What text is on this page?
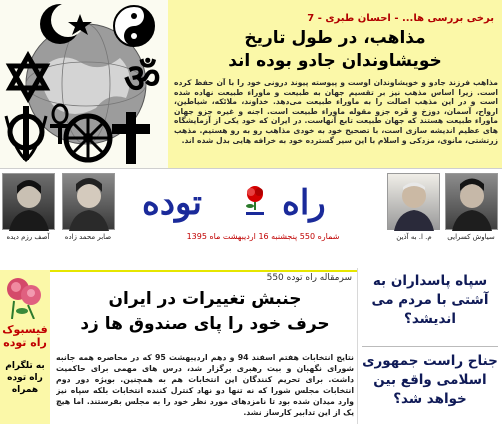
ॐ
برخی بررسی ها... - احسان طبری - 7
مذاهب، در طول تاریخ
خویشاوندان جادو بوده اند
مذاهب فرزند جادو و خویشاوندان اوست و پیوسته پیوند درونی خود را با آن حفظ کرده است. زیرا اساس مذهب نیز بر تقسیم جهان به طبیعت و ماوراء طبیعت نهاده شده است و در این مذهب اصالت را به ماوراء طبیعت می‌دهد. خداوند، ملائکه، شیاطین، ارواح، آسمان، دوزخ و فَره جزو مقوله ماوراء طبیعت است. اجنه و غیره جزو جهان ماوراء طبیعت هستند که جهان طبیعت تابع آنهاست. در ایران که خود یکی از آزمایشگاه های عظیم اندیشه سازی است، با تصحیح خود به خودی مذاهب رو به رو هستیم. مذهب زرتشتی، مانوی، مزدکی و اسلام با این سیر گسترده خود به خرافه هایی بدل شده اند.
آصف رزم دیده	صابر محمد زاده
توده راه
شماره 550 پنجشنبه 16 اردیبهشت ماه 1395	م. ا. به آذین	سیاوش کسرایی
فیسبوک راه توده
به تلگرام راه توده همراه
سرمقاله راه توده 550
جنبش تغییرات در ایران
حرف خود را پای صندوق ها زد
نتایج انتخابات هفتم اسفند 94 و دهم اردیبهشت 95 که در محاصره همه جانبه شورای نگهبان و بیت رهبری برگزار شد، درس های مهمی برای حاکمیت داشت. برای تحریم کنندگان این انتخابات هم به همچنین. بویژه دور دوم انتخابات مجلس شورا که نه تنها دو نهاد کنترل کننده انتخابات بلکه سپاه نیز وارد میدان شده بود تا نامزدهای مورد نظر خود را به مجلس بفرستند. اما هیچ یک از این تدابیر کارساز نشد.
سپاه پاسداران به آشتی با مردم می اندیشد؟
جناح راست جمهوری اسلامی واقع بین خواهد شد؟
